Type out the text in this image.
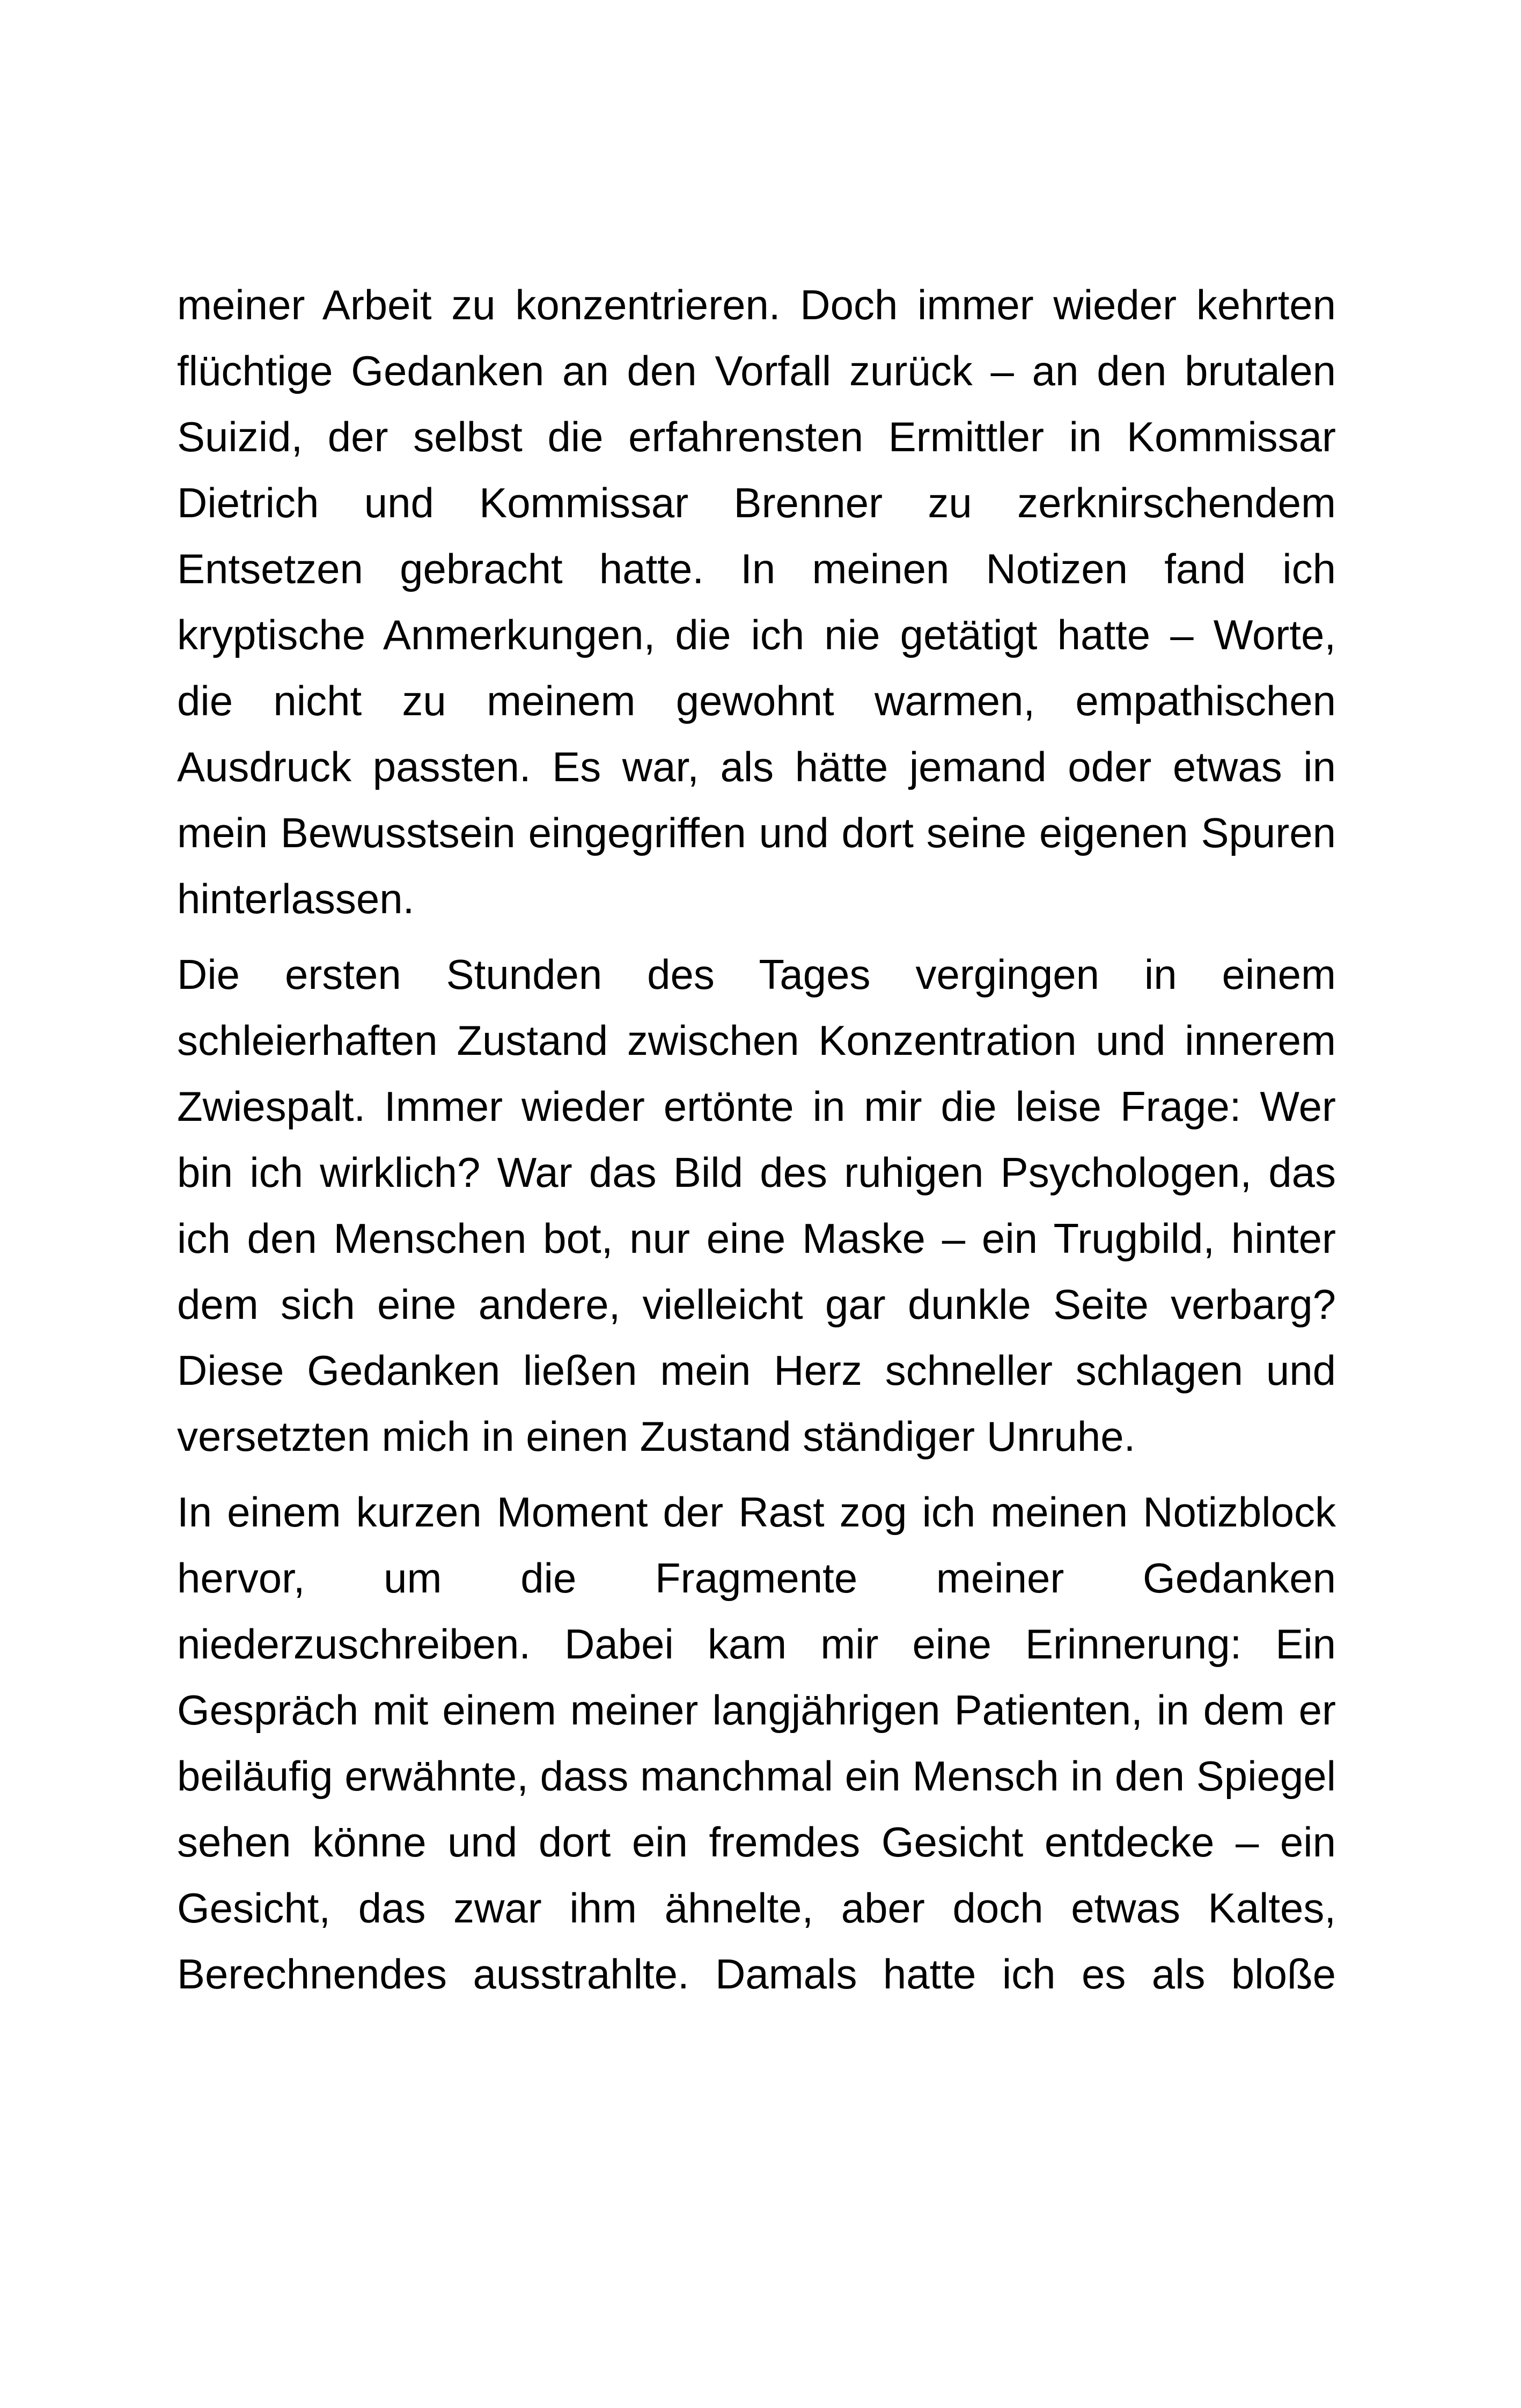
meiner Arbeit zu konzentrieren. Doch immer wieder kehrten flüchtige Gedanken an den Vorfall zurück – an den brutalen Suizid, der selbst die erfahrensten Ermittler in Kommissar Dietrich und Kommissar Brenner zu zerknirschendem Entsetzen gebracht hatte. In meinen Notizen fand ich kryptische Anmerkungen, die ich nie getätigt hatte – Worte, die nicht zu meinem gewohnt warmen, empathischen Ausdruck passten. Es war, als hätte jemand oder etwas in mein Bewusstsein eingegriffen und dort seine eigenen Spuren hinterlassen.

Die ersten Stunden des Tages vergingen in einem schleierhaften Zustand zwischen Konzentration und innerem Zwiespalt. Immer wieder ertönte in mir die leise Frage: Wer bin ich wirklich? War das Bild des ruhigen Psychologen, das ich den Menschen bot, nur eine Maske – ein Trugbild, hinter dem sich eine andere, vielleicht gar dunkle Seite verbarg? Diese Gedanken ließen mein Herz schneller schlagen und versetzten mich in einen Zustand ständiger Unruhe.

In einem kurzen Moment der Rast zog ich meinen Notizblock hervor, um die Fragmente meiner Gedanken niederzuschreiben. Dabei kam mir eine Erinnerung: Ein Gespräch mit einem meiner langjährigen Patienten, in dem er beiläufig erwähnte, dass manchmal ein Mensch in den Spiegel sehen könne und dort ein fremdes Gesicht entdecke – ein Gesicht, das zwar ihm ähnelte, aber doch etwas Kaltes, Berechnendes ausstrahlte. Damals hatte ich es als bloße
